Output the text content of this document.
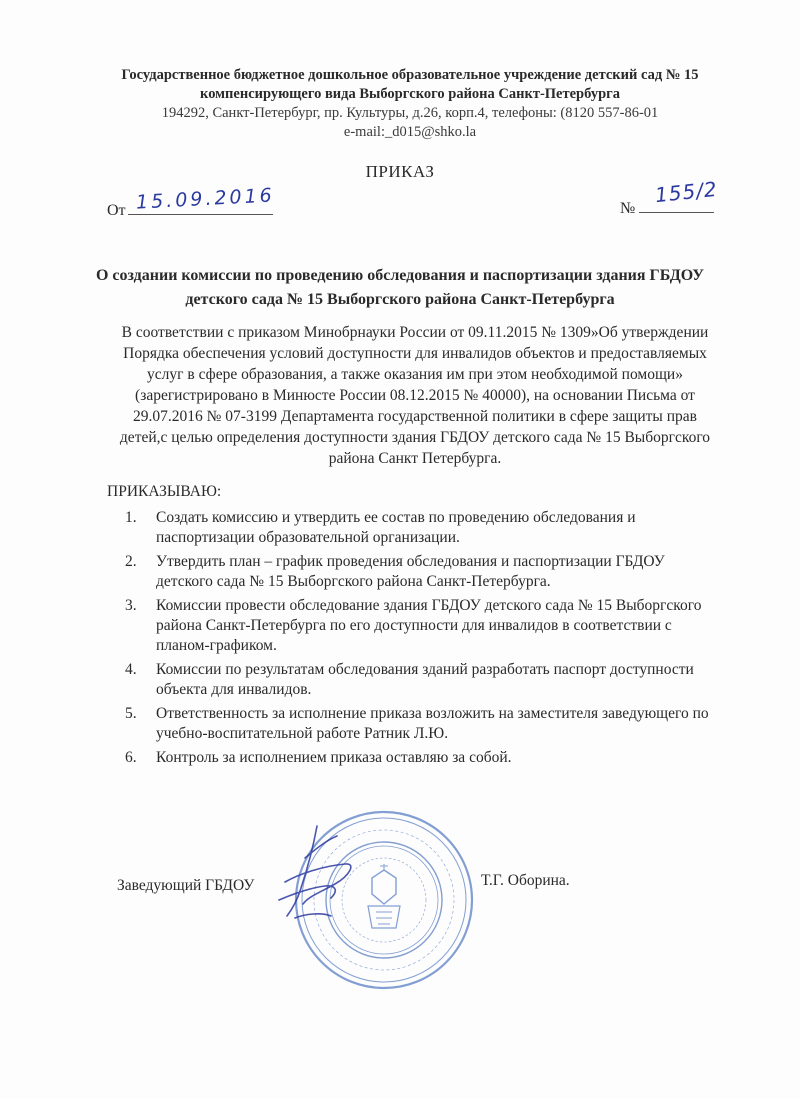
Государственное бюджетное дошкольное образовательное учреждение детский сад № 15
компенсирующего вида Выборгского района Санкт-Петербурга
194292, Санкт-Петербург, пр. Культуры, д.26, корп.4, телефоны: (8120 557-86-01
e-mail:_d015@shko.la
ПРИКАЗ
От 15.09.2016	№
155/2
О создании комиссии по проведению обследования и паспортизации здания ГБДОУ
детского сада № 15 Выборгского района Санкт-Петербурга
В соответствии с приказом Минобрнауки России от 09.11.2015 № 1309»Об утверждении
Порядка обеспечения условий доступности для инвалидов объектов и предоставляемых
услуг в сфере образования, а также оказания им при этом необходимой помощи»
(зарегистрировано в Минюсте России 08.12.2015 № 40000), на основании Письма от
29.07.2016 № 07-3199 Департамента государственной политики в сфере защиты прав
детей,с целью определения доступности здания ГБДОУ детского сада № 15 Выборгского
района Санкт Петербурга.
ПРИКАЗЫВАЮ:
1. Создать комиссию и утвердить ее состав по проведению обследования и
паспортизации образовательной организации.
2. Утвердить план – график проведения обследования и паспортизации ГБДОУ
детского сада № 15 Выборгского района Санкт-Петербурга.
3. Комиссии провести обследование здания ГБДОУ детского сада № 15 Выборгского
района Санкт-Петербурга по его доступности для инвалидов в соответствии с
планом-графиком.
4. Комиссии по результатам обследования зданий разработать паспорт доступности
объекта для инвалидов.
5. Ответственность за исполнение приказа возложить на заместителя заведующего по
учебно-воспитательной работе Ратник Л.Ю.
6. Контроль за исполнением приказа оставляю за собой.
Заведующий ГБДОУ	Т.Г. Оборина.
